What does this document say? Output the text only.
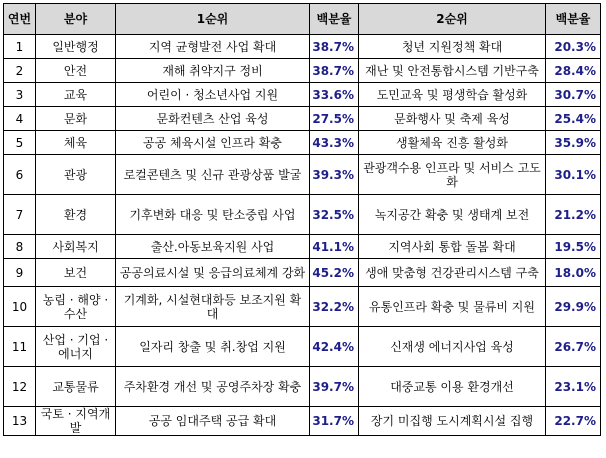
연번	분야	1순위	백분율	2순위	백분율
1	일반행정	지역 균형발전 사업 확대	38.7%	청년 지원정책 확대	20.3%
2	안전	재해 취약지구 정비	38.7%	재난 및 안전통합시스템 기반구축	28.4%
3	교육	어린이 · 청소년사업 지원	33.6%	도민교육 및 평생학습 활성화	30.7%
4	문화	문화컨텐츠 산업 육성	27.5%	문화행사 및 축제 육성	25.4%
5	체육	공공 체육시설 인프라 확충	43.3%	생활체육 진흥 활성화	35.9%
6	관광	로컬콘텐츠 및 신규 관광상품 발굴	39.3%	관광객수용 인프라 및 서비스 고도화	30.1%
7	환경	기후변화 대응 및 탄소중립 사업	32.5%	녹지공간 확충 및 생태계 보전	21.2%
8	사회복지	출산.아동보육지원 사업	41.1%	지역사회 통합 돌봄 확대	19.5%
9	보건	공공의료시설 및 응급의료체계 강화	45.2%	생애 맞춤형 건강관리시스템 구축	18.0%
10	농림 · 해양 · 수산	기계화, 시설현대화등 보조지원 확대	32.2%	유통인프라 확충 및 물류비 지원	29.9%
11	산업 · 기업 · 에너지	일자리 창출 및 취.창업 지원	42.4%	신재생 에너지사업 육성	26.7%
12	교통물류	주차환경 개선 및 공영주차장 확충	39.7%	대중교통 이용 환경개선	23.1%
13	국토 · 지역개발	공공 임대주택 공급 확대	31.7%	장기 미집행 도시계획시설 집행	22.7%
